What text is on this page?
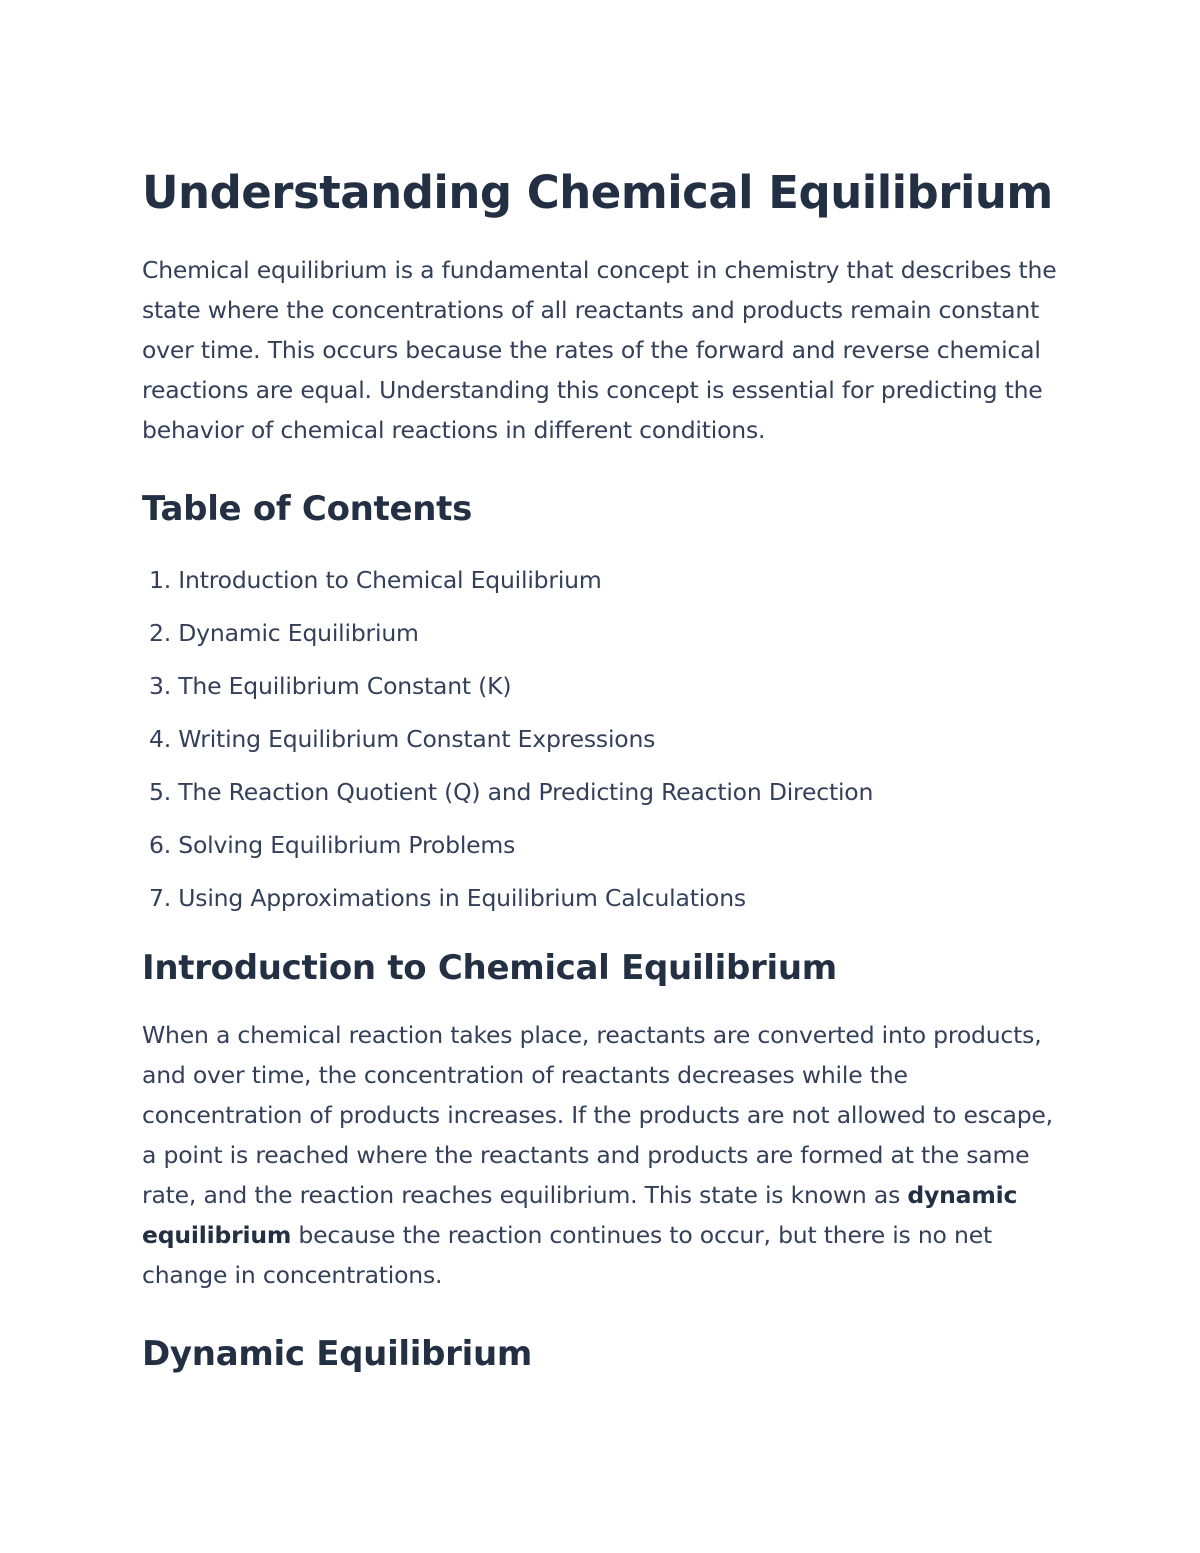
Understanding Chemical Equilibrium

Chemical equilibrium is a fundamental concept in chemistry that describes the state where the concentrations of all reactants and products remain constant over time. This occurs because the rates of the forward and reverse chemical reactions are equal. Understanding this concept is essential for predicting the behavior of chemical reactions in different conditions.

Table of Contents
1. Introduction to Chemical Equilibrium
2. Dynamic Equilibrium
3. The Equilibrium Constant (K)
4. Writing Equilibrium Constant Expressions
5. The Reaction Quotient (Q) and Predicting Reaction Direction
6. Solving Equilibrium Problems
7. Using Approximations in Equilibrium Calculations
Introduction to Chemical Equilibrium

When a chemical reaction takes place, reactants are converted into products, and over time, the concentration of reactants decreases while the concentration of products increases. If the products are not allowed to escape, a point is reached where the reactants and products are formed at the same rate, and the reaction reaches equilibrium. This state is known as dynamic equilibrium because the reaction continues to occur, but there is no net change in concentrations.

Dynamic Equilibrium
